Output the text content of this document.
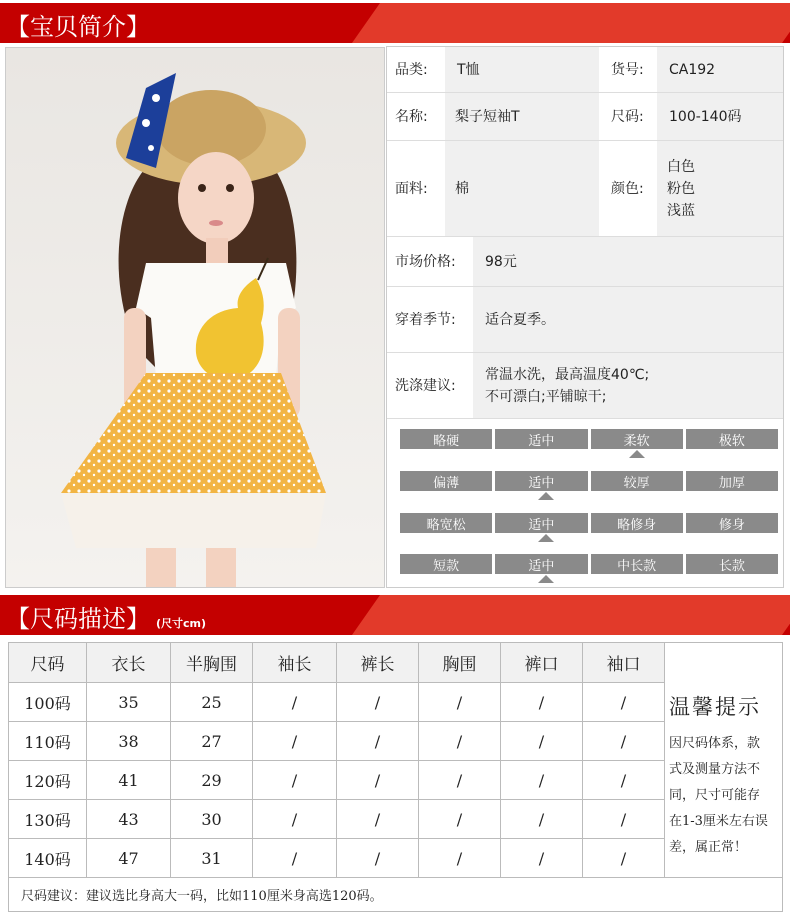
【宝贝简介】
品类:	T恤	货号:	CA192
名称:	梨子短袖T	尺码:	100-140码
面料:	棉	颜色:
白色
粉色
浅蓝
市场价格:	98元
穿着季节:	适合夏季。
洗涤建议:
常温水洗，最高温度40℃;
不可漂白;平铺晾干;
略硬	适中	柔软	极软
偏薄	适中	较厚	加厚
略宽松	适中	略修身	修身
短款	适中	中长款	长款
【尺码描述】 (尺寸cm)
尺码	衣长	半胸围	袖长	裤长	胸围	裤口	袖口
100码	35	25	/	/	/	/	/
110码	38	27	/	/	/	/	/
120码	41	29	/	/	/	/	/
130码	43	30	/	/	/	/	/
140码	47	31	/	/	/	/	/
温馨提示
因尺码体系，款
式及测量方法不
同，尺寸可能存
在1-3厘米左右误
差，属正常！
尺码建议：建议选比身高大一码，比如110厘米身高选120码。
